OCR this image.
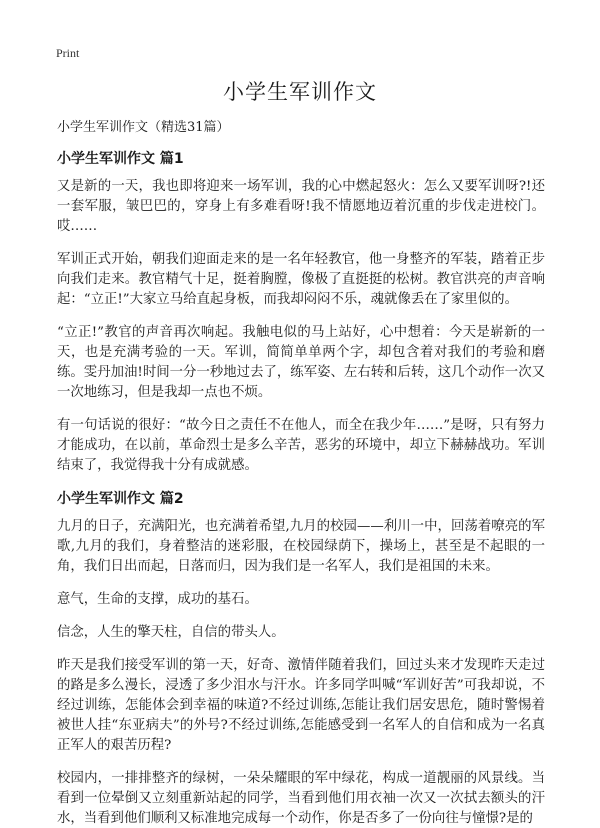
Print
小学生军训作文

小学生军训作文（精选31篇）

小学生军训作文 篇1

又是新的一天，我也即将迎来一场军训，我的心中燃起怒火：怎么又要军训呀?!还一套军服，皱巴巴的，穿身上有多难看呀!我不情愿地迈着沉重的步伐走进校门。哎……

军训正式开始，朝我们迎面走来的是一名年轻教官，他一身整齐的军装，踏着正步向我们走来。教官精气十足，挺着胸膛，像极了直挺挺的松树。教官洪亮的声音响起：“立正!”大家立马给直起身板，而我却闷闷不乐，魂就像丢在了家里似的。

“立正!”教官的声音再次响起。我触电似的马上站好，心中想着：今天是崭新的一天，也是充满考验的一天。军训，简简单单两个字，却包含着对我们的考验和磨练。雯丹加油!时间一分一秒地过去了，练军姿、左右转和后转，这几个动作一次又一次地练习，但是我却一点也不烦。

有一句话说的很好：“故今日之责任不在他人，而全在我少年……”是呀，只有努力才能成功，在以前，革命烈士是多么辛苦，恶劣的环境中，却立下赫赫战功。军训结束了，我觉得我十分有成就感。

小学生军训作文 篇2

九月的日子，充满阳光，也充满着希望,九月的校园——利川一中，回荡着嘹亮的军歌,九月的我们，身着整洁的迷彩服，在校园绿荫下，操场上，甚至是不起眼的一角，我们日出而起，日落而归，因为我们是一名军人，我们是祖国的未来。

意气，生命的支撑，成功的基石。

信念，人生的擎天柱，自信的带头人。

昨天是我们接受军训的第一天，好奇、激情伴随着我们，回过头来才发现昨天走过的路是多么漫长，浸透了多少泪水与汗水。许多同学叫喊“军训好苦”可我却说，不经过训练，怎能体会到幸福的味道?不经过训练,怎能让我们居安思危，随时警惕着被世人挂“东亚病夫”的外号?不经过训练,怎能感受到一名军人的自信和成为一名真正军人的艰苦历程?

校园内，一排排整齐的绿树，一朵朵耀眼的军中绿花，构成一道靓丽的风景线。当看到一位晕倒又立刻重新站起的同学，当看到他们用衣袖一次又一次拭去额头的汗水，当看到他们顺利又标准地完成每一个动作，你是否多了一份向往与憧憬?是的
